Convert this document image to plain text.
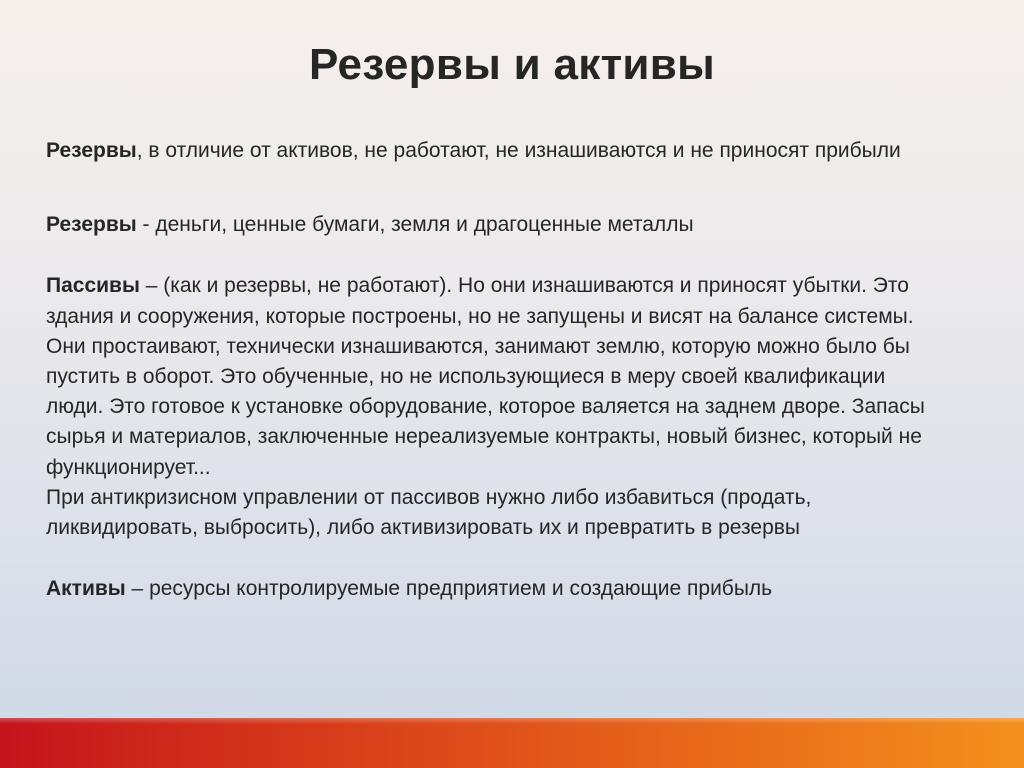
Резервы и активы

Резервы, в отличие от активов, не работают, не изнашиваются и не приносят прибыли

Резервы - деньги, ценные бумаги, земля и драгоценные металлы

Пассивы – (как и резервы, не работают). Но они изнашиваются и приносят убытки. Это здания и сооружения, которые построены, но не запущены и висят на балансе системы. Они простаивают, технически изнашиваются, занимают землю, которую можно было бы пустить в оборот. Это обученные, но не использующиеся в меру своей квалификации люди. Это готовое к установке оборудование, которое валяется на заднем дворе. Запасы сырья и материалов, заключенные нереализуемые контракты, новый бизнес, который не функционирует...

При антикризисном управлении от пассивов нужно либо избавиться (продать, ликвидировать, выбросить), либо активизировать их и превратить в резервы

Активы – ресурсы контролируемые предприятием и создающие прибыль
